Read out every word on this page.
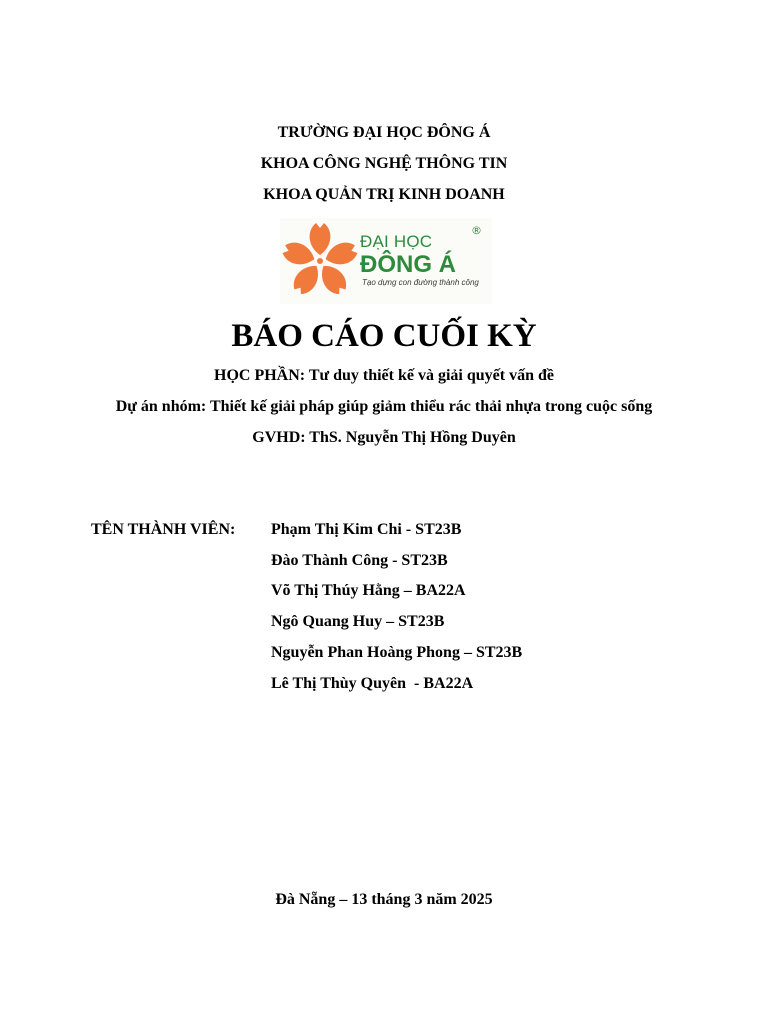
TRƯỜNG ĐẠI HỌC ĐÔNG Á
KHOA CÔNG NGHỆ THÔNG TIN
KHOA QUẢN TRỊ KINH DOANH
ĐẠI HỌC
ĐÔNG Á
Tạo dựng con đường thành công
®
BÁO CÁO CUỐI KỲ
HỌC PHẦN: Tư duy thiết kế và giải quyết vấn đề
Dự án nhóm: Thiết kế giải pháp giúp giảm thiểu rác thải nhựa trong cuộc sống
GVHD: ThS. Nguyễn Thị Hồng Duyên
TÊN THÀNH VIÊN: Phạm Thị Kim Chi - ST23B
Đào Thành Công - ST23B
Võ Thị Thúy Hằng – BA22A
Ngô Quang Huy – ST23B
Nguyễn Phan Hoàng Phong – ST23B
Lê Thị Thùy Quyên  - BA22A
Đà Nẵng – 13 tháng 3 năm 2025
